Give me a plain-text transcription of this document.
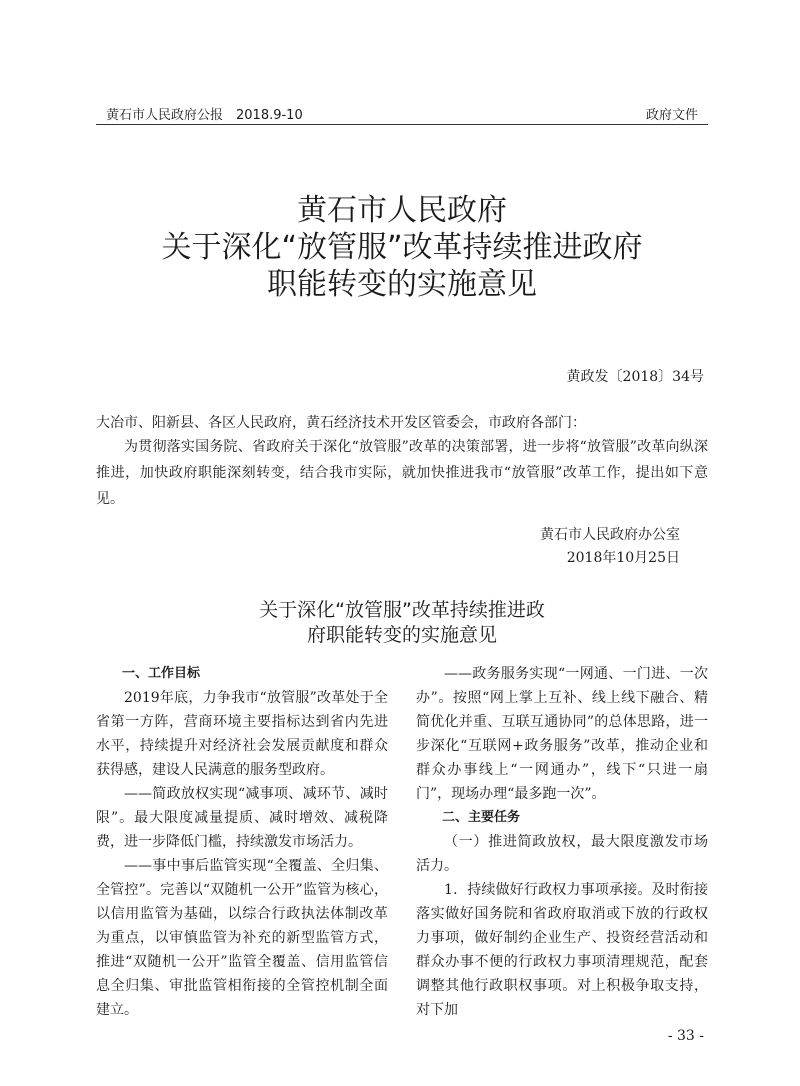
黄石市人民政府公报　2018.9-10	政府文件
黄石市人民政府
关于深化“放管服”改革持续推进政府
职能转变的实施意见
黄政发〔2018〕34号
大冶市、阳新县、各区人民政府，黄石经济技术开发区管委会，市政府各部门：
为贯彻落实国务院、省政府关于深化“放管服”改革的决策部署，进一步将“放管服”改革向纵深推进，加快政府职能深刻转变，结合我市实际，就加快推进我市“放管服”改革工作，提出如下意见。
黄石市人民政府办公室
2018年10月25日
关于深化“放管服”改革持续推进政
府职能转变的实施意见
一、工作目标

2019年底，力争我市“放管服”改革处于全省第一方阵，营商环境主要指标达到省内先进水平，持续提升对经济社会发展贡献度和群众获得感，建设人民满意的服务型政府。

——简政放权实现“减事项、减环节、减时限”。最大限度减量提质、减时增效、减税降费，进一步降低门槛，持续激发市场活力。

——事中事后监管实现“全覆盖、全归集、全管控”。完善以“双随机一公开”监管为核心，以信用监管为基础，以综合行政执法体制改革为重点，以审慎监管为补充的新型监管方式，推进“双随机一公开”监管全覆盖、信用监管信息全归集、审批监管相衔接的全管控机制全面建立。

——政务服务实现“一网通、一门进、一次办”。按照“网上掌上互补、线上线下融合、精简优化并重、互联互通协同”的总体思路，进一步深化“互联网+政务服务”改革，推动企业和群众办事线上“一网通办”，线下“只进一扇门”，现场办理“最多跑一次”。

二、主要任务

（一）推进简政放权，最大限度激发市场活力。

1．持续做好行政权力事项承接。及时衔接落实做好国务院和省政府取消或下放的行政权力事项，做好制约企业生产、投资经营活动和群众办事不便的行政权力事项清理规范，配套调整其他行政职权事项。对上积极争取支持，对下加

- 33 -
